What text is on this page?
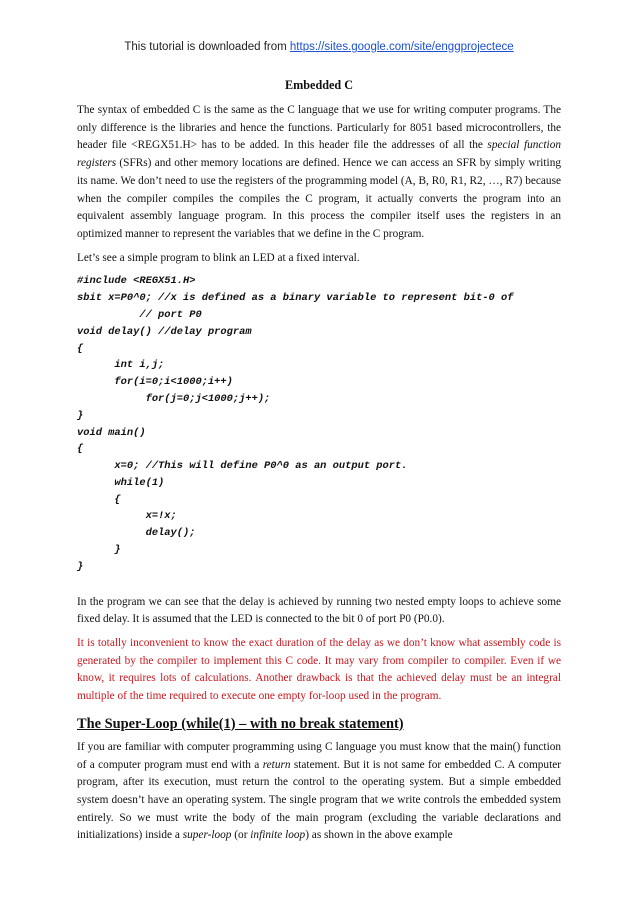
This tutorial is downloaded from https://sites.google.com/site/enggprojectece
Embedded C

The syntax of embedded C is the same as the C language that we use for writing computer programs. The only difference is the libraries and hence the functions. Particularly for 8051 based microcontrollers, the header file <REGX51.H> has to be added. In this header file the addresses of all the special function registers (SFRs) and other memory locations are defined. Hence we can access an SFR by simply writing its name. We don’t need to use the registers of the programming model (A, B, R0, R1, R2, …, R7) because when the compiler compiles the compiles the C program, it actually converts the program into an equivalent assembly language program. In this process the compiler itself uses the registers in an optimized manner to represent the variables that we define in the C program.

Let’s see a simple program to blink an LED at a fixed interval.

#include <REGX51.H>
sbit x=P0^0; //x is defined as a binary variable to represent bit-0 of
// port P0
void delay() //delay program
{
int i,j;
for(i=0;i<1000;i++)
for(j=0;j<1000;j++);
}
void main()
{
x=0; //This will define P0^0 as an output port.
while(1)
{
x=!x;
delay();
}
}

In the program we can see that the delay is achieved by running two nested empty loops to achieve some fixed delay. It is assumed that the LED is connected to the bit 0 of port P0 (P0.0).

It is totally inconvenient to know the exact duration of the delay as we don’t know what assembly code is generated by the compiler to implement this C code. It may vary from compiler to compiler. Even if we know, it requires lots of calculations. Another drawback is that the achieved delay must be an integral multiple of the time required to execute one empty for-loop used in the program.

The Super-Loop (while(1) – with no break statement)

If you are familiar with computer programming using C language you must know that the main() function of a computer program must end with a return statement. But it is not same for embedded C. A computer program, after its execution, must return the control to the operating system. But a simple embedded system doesn’t have an operating system. The single program that we write controls the embedded system entirely. So we must write the body of the main program (excluding the variable declarations and initializations) inside a super-loop (or infinite loop) as shown in the above example
